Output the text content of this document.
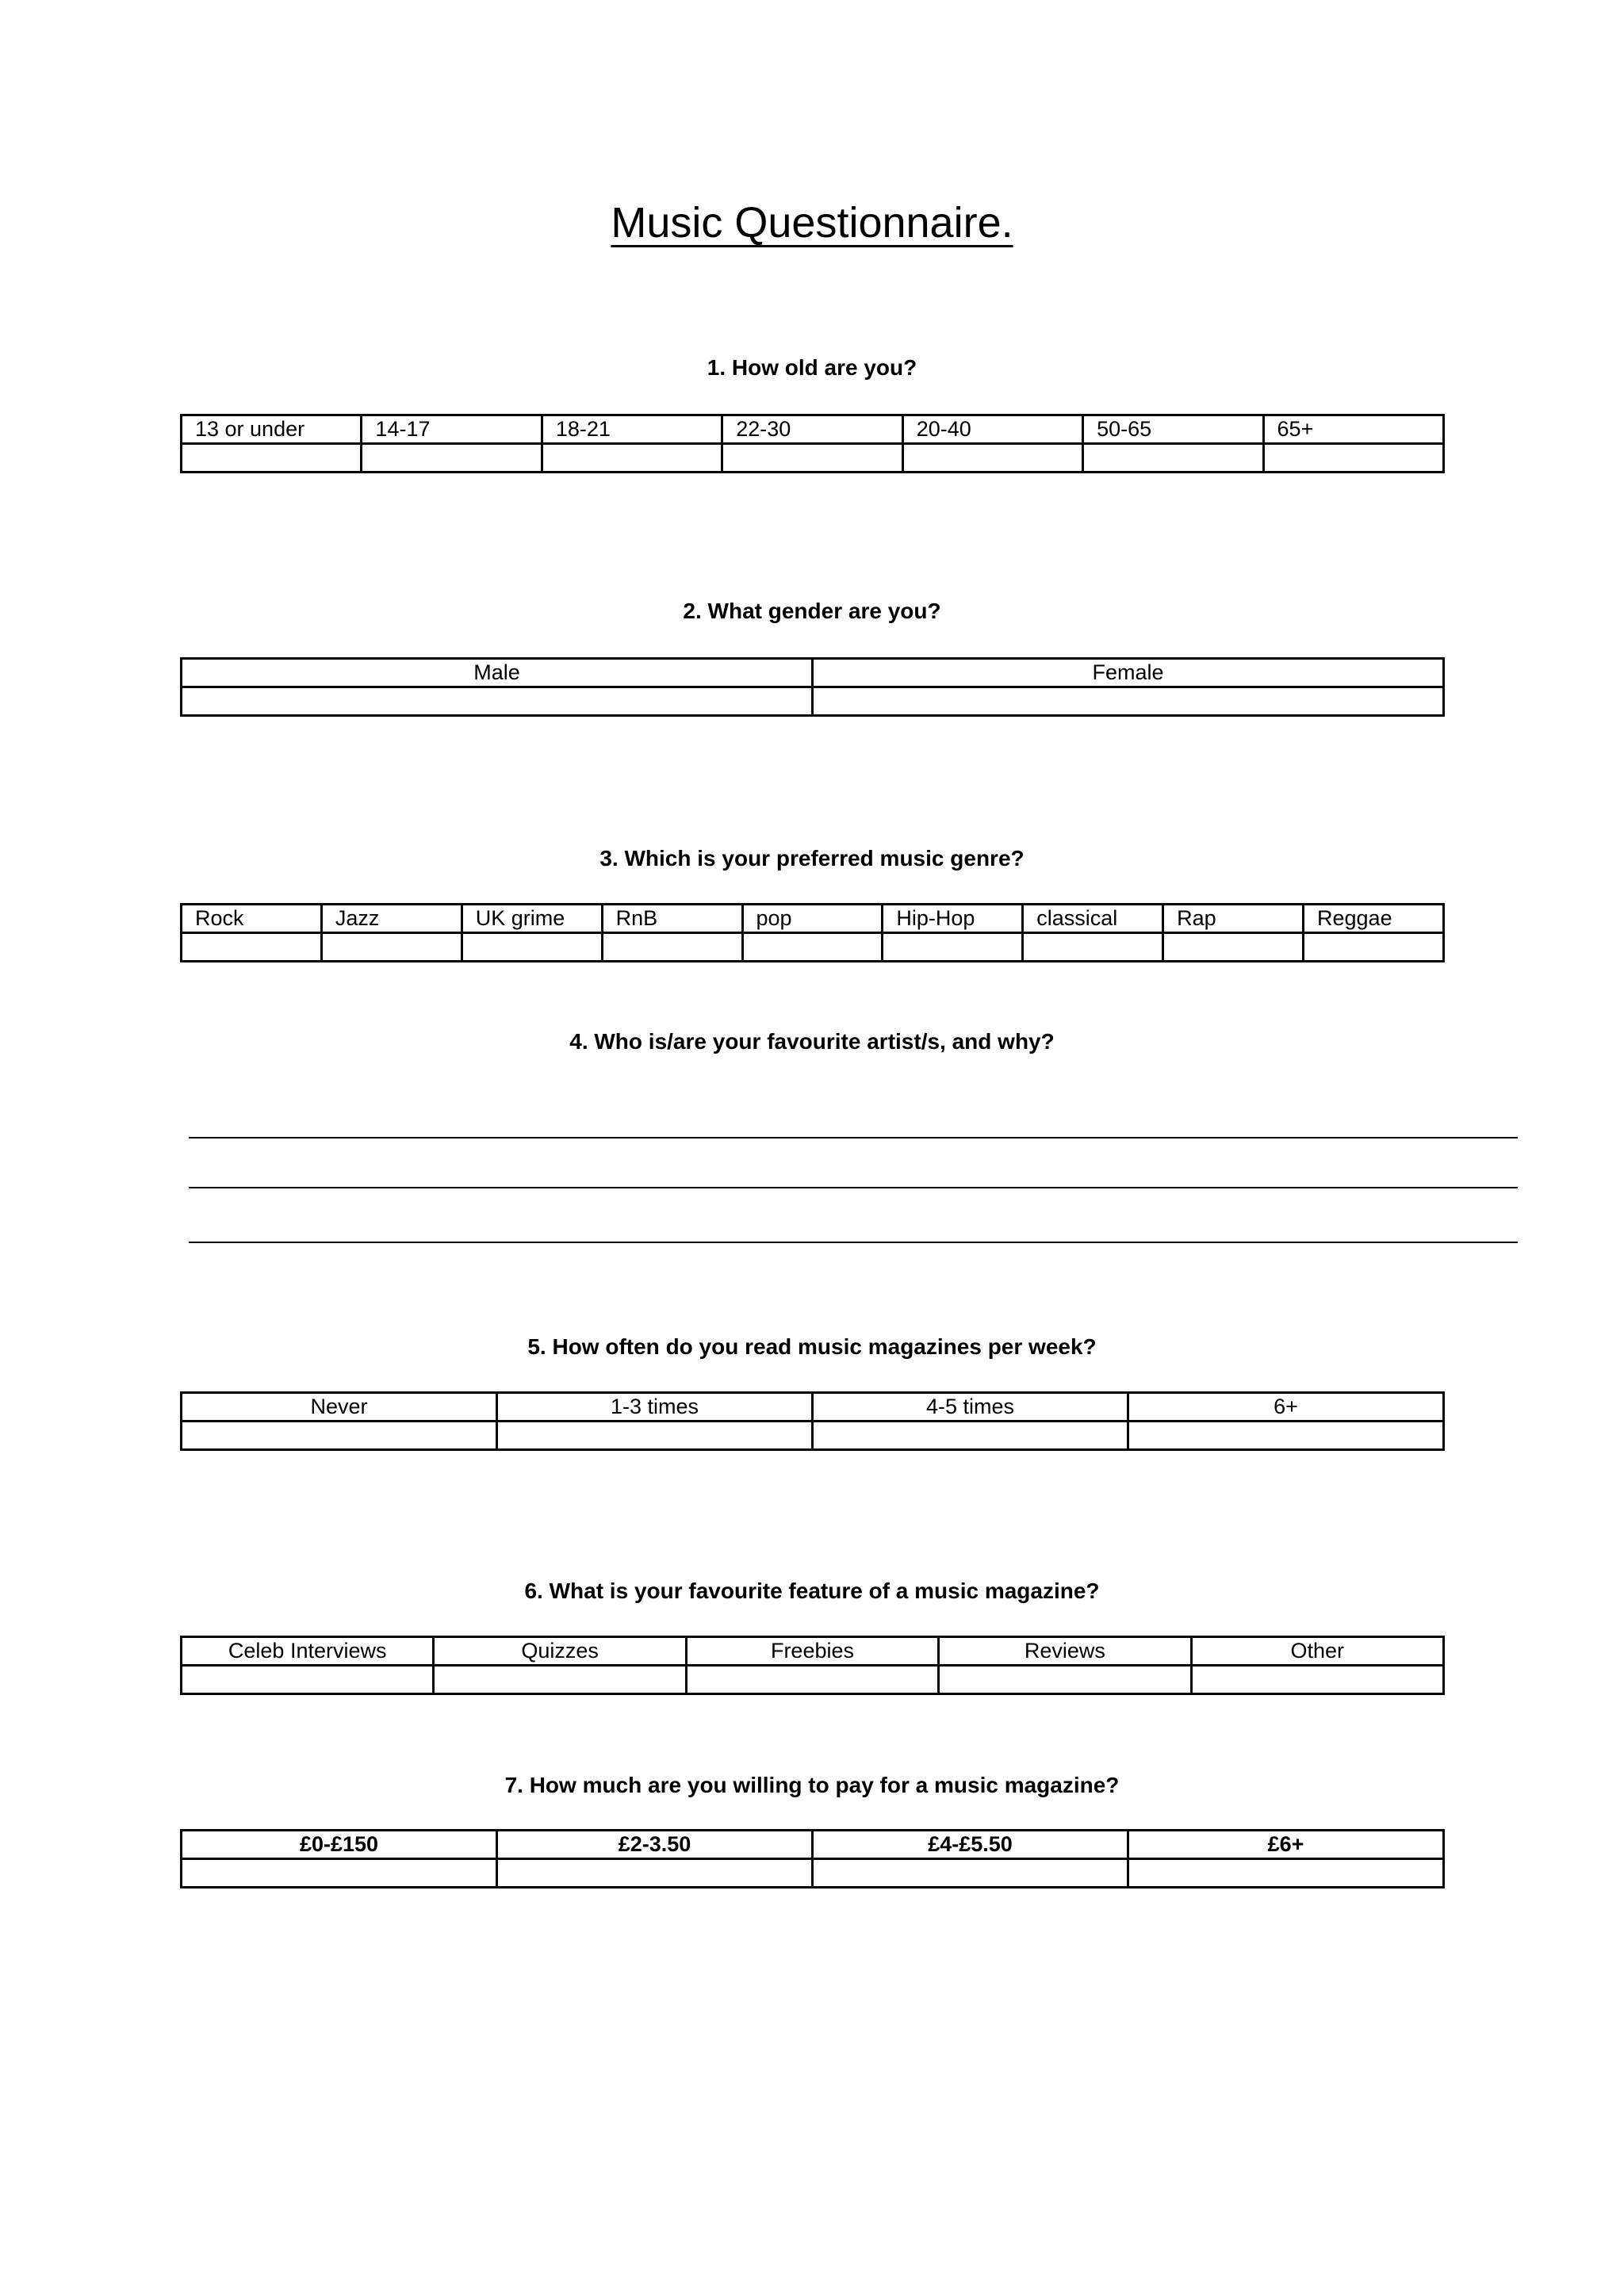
Music Questionnaire.
1. How old are you?
13 or under	14-17	18-21	22-30	20-40	50-65	65+

2. What gender are you?
Male	Female

3. Which is your preferred music genre?
Rock	Jazz	UK grime	RnB	pop	Hip-Hop	classical	Rap	Reggae

4. Who is/are your favourite artist/s, and why?
5. How often do you read music magazines per week?
Never	1-3 times	4-5 times	6+

6. What is your favourite feature of a music magazine?
Celeb Interviews	Quizzes	Freebies	Reviews	Other

7. How much are you willing to pay for a music magazine?
£0-£150	£2-3.50	£4-£5.50	£6+
